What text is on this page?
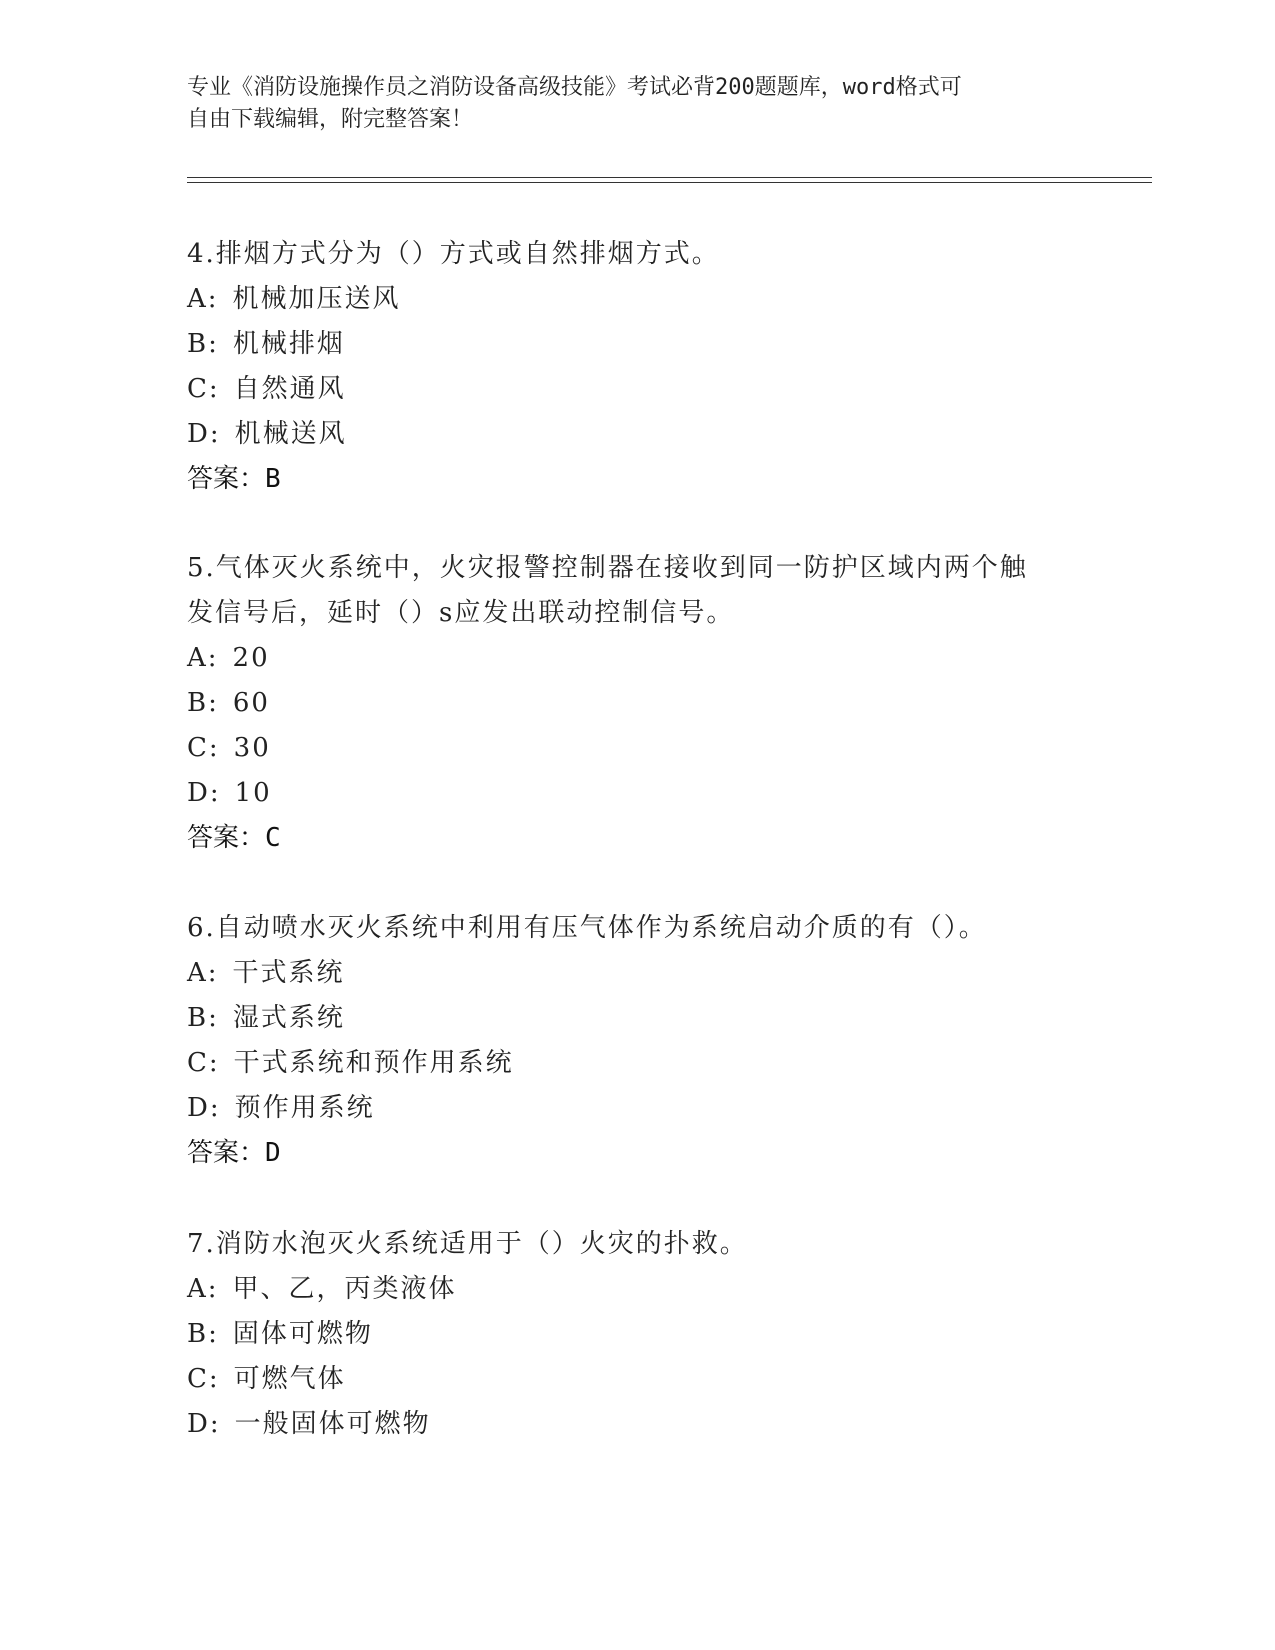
专业《消防设施操作员之消防设备高级技能》考试必背200题题库，word格式可
自由下载编辑，附完整答案！

4.排烟方式分为（）方式或自然排烟方式。

A: 机械加压送风

B: 机械排烟

C: 自然通风

D: 机械送风

答案：B

5.气体灭火系统中，火灾报警控制器在接收到同一防护区域内两个触

发信号后，延时（）s应发出联动控制信号。

A: 20

B: 60

C: 30

D: 10

答案：C

6.自动喷水灭火系统中利用有压气体作为系统启动介质的有（）。

A: 干式系统

B: 湿式系统

C: 干式系统和预作用系统

D: 预作用系统

答案：D

7.消防水泡灭火系统适用于（）火灾的扑救。

A: 甲、乙，丙类液体

B: 固体可燃物

C: 可燃气体

D: 一般固体可燃物
